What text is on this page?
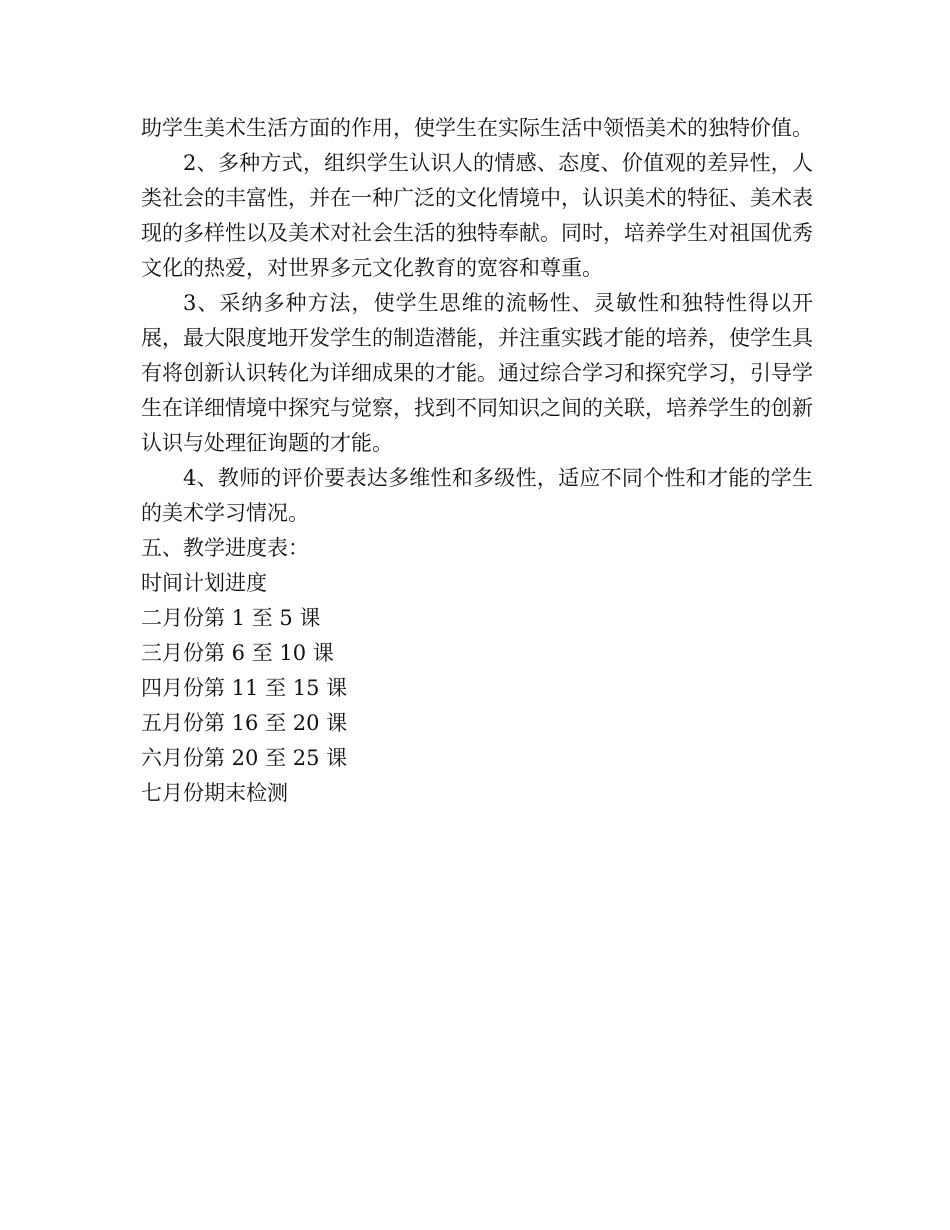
助学生美术生活方面的作用，使学生在实际生活中领悟美术的独特价值。

2、多种方式，组织学生认识人的情感、态度、价值观的差异性，人类社会的丰富性，并在一种广泛的文化情境中，认识美术的特征、美术表现的多样性以及美术对社会生活的独特奉献。同时，培养学生对祖国优秀文化的热爱，对世界多元文化教育的宽容和尊重。

3、采纳多种方法，使学生思维的流畅性、灵敏性和独特性得以开展，最大限度地开发学生的制造潜能，并注重实践才能的培养，使学生具有将创新认识转化为详细成果的才能。通过综合学习和探究学习，引导学生在详细情境中探究与觉察，找到不同知识之间的关联，培养学生的创新认识与处理征询题的才能。

4、教师的评价要表达多维性和多级性，适应不同个性和才能的学生的美术学习情况。

五、教学进度表：

时间计划进度

二月份第 1 至 5 课

三月份第 6 至 10 课

四月份第 11 至 15 课

五月份第 16 至 20 课

六月份第 20 至 25 课

七月份期末检测
